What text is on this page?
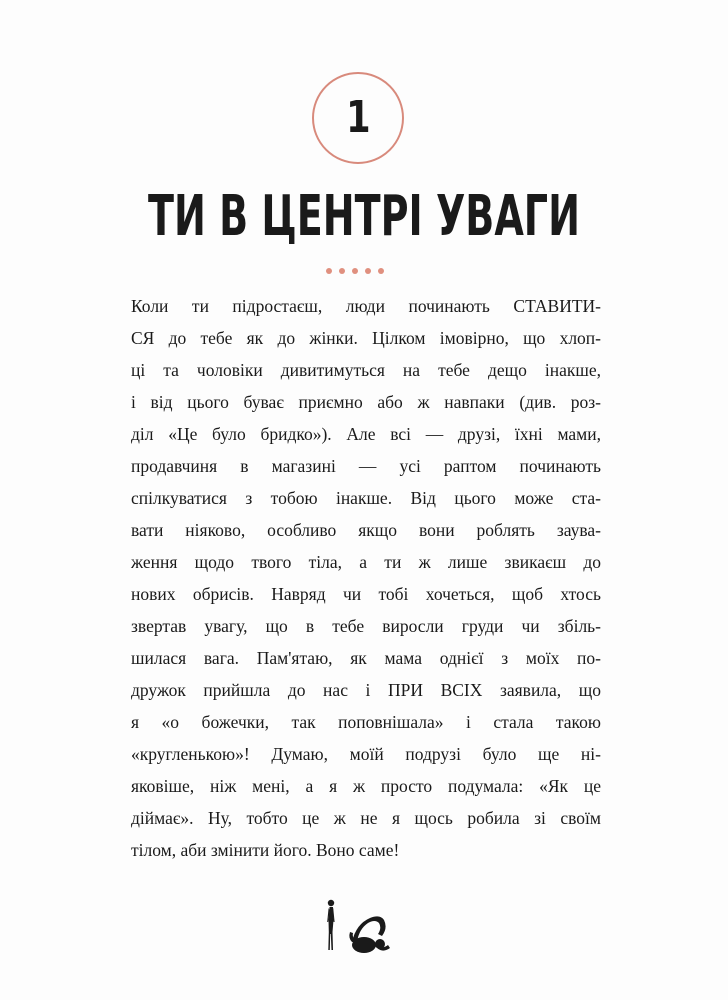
1
ТИ В ЦЕНТРІ УВАГИ
Коли ти підростаєш, люди починають СТАВИТИ-
СЯ до тебе як до жінки. Цілком імовірно, що хлоп-
ці та чоловіки дивитимуться на тебе дещо інакше,
і від цього буває приємно або ж навпаки (див. роз-
діл «Це було бридко»). Але всі — друзі, їхні мами,
продавчиня в магазині — усі раптом починають
спілкуватися з тобою інакше. Від цього може ста-
вати ніяково, особливо якщо вони роблять заува-
ження щодо твого тіла, а ти ж лише звикаєш до
нових обрисів. Навряд чи тобі хочеться, щоб хтось
звертав увагу, що в тебе виросли груди чи збіль-
шилася вага. Пам'ятаю, як мама однієї з моїх по-
дружок прийшла до нас і ПРИ ВСІХ заявила, що
я «о божечки, так поповнішала» і стала такою
«кругленькою»! Думаю, моїй подрузі було ще ні-
яковіше, ніж мені, а я ж просто подумала: «Як це
діймає». Ну, тобто це ж не я щось робила зі своїм
тілом, аби змінити його. Воно саме!
